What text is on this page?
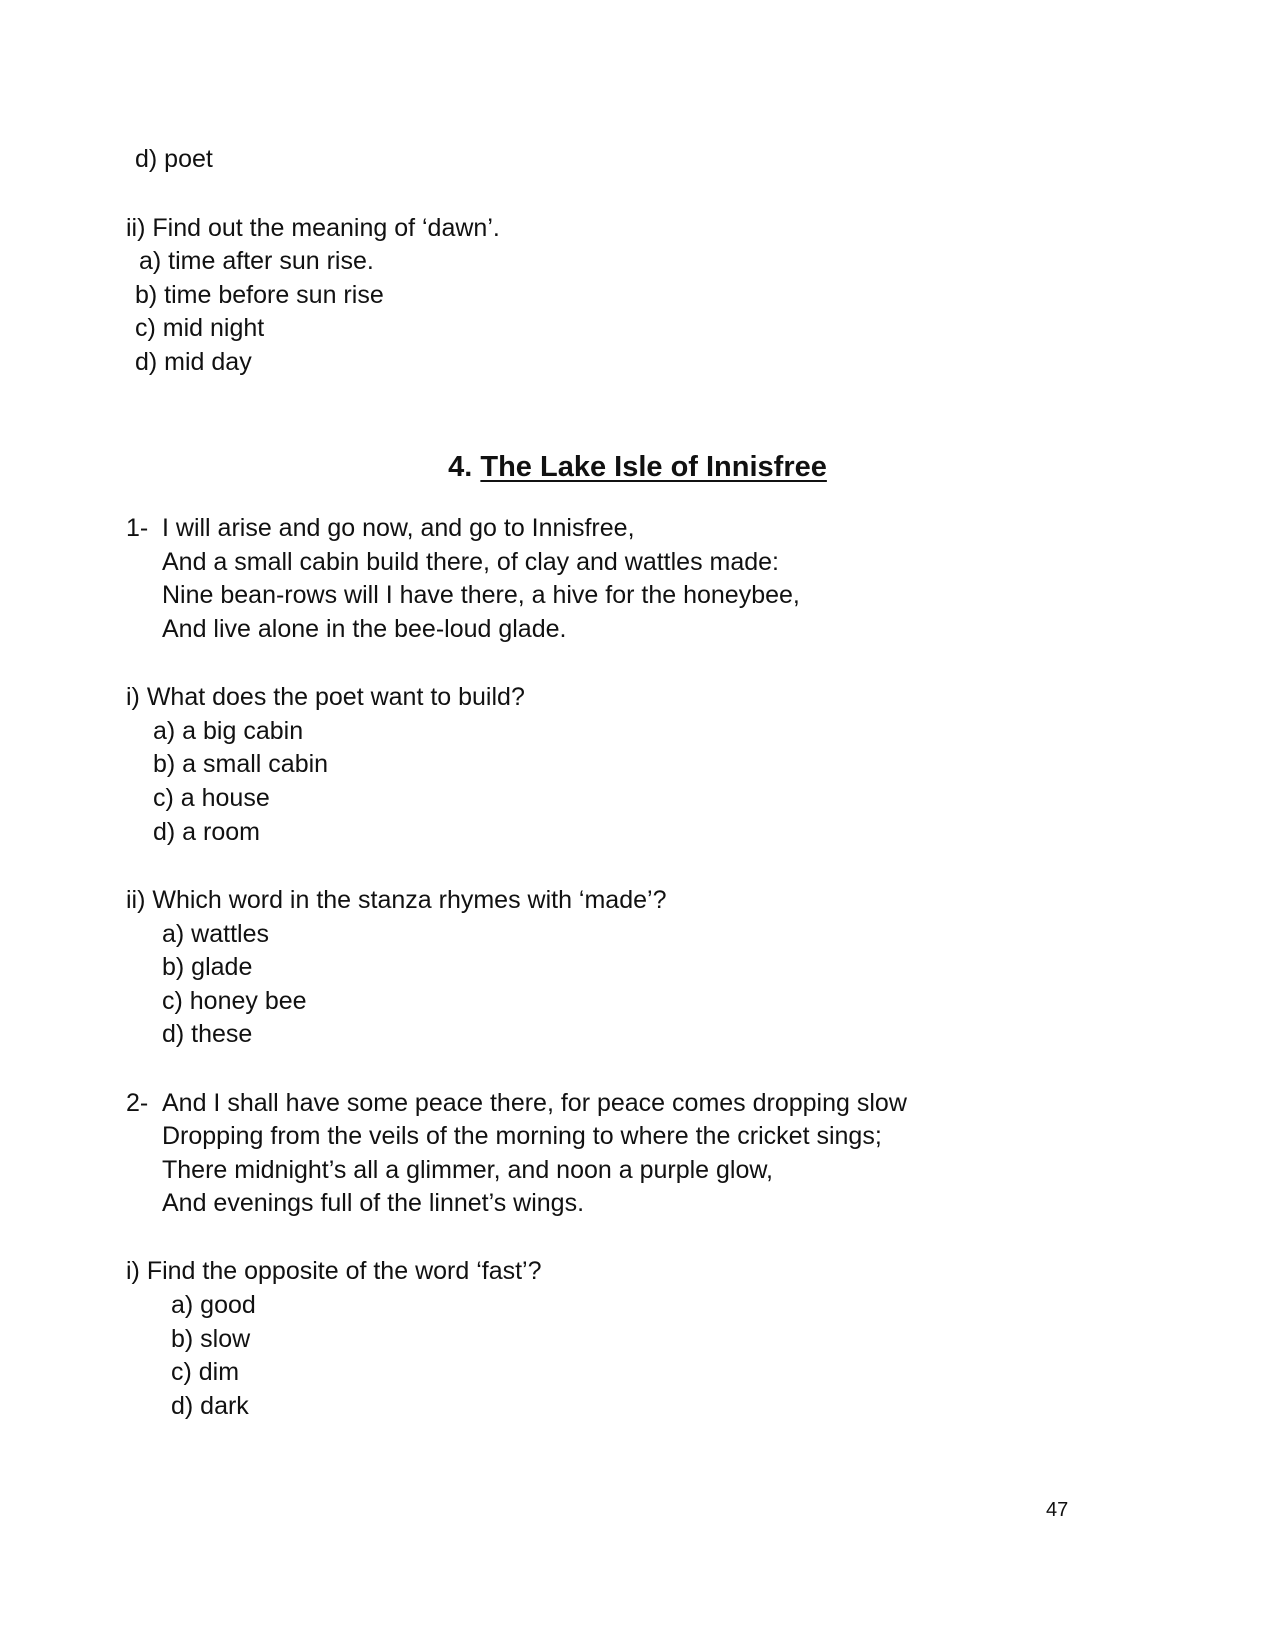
d) poet
ii) Find out the meaning of ‘dawn’.
a) time after sun rise.
b) time before sun rise
c) mid night
d) mid day
4. The Lake Isle of Innisfree
1- I will arise and go now, and go to Innisfree,
And a small cabin build there, of clay and wattles made:
Nine bean-rows will I have there, a hive for the honeybee,
And live alone in the bee-loud glade.
i) What does the poet want to build?
a) a big cabin
b) a small cabin
c) a house
d) a room
ii) Which word in the stanza rhymes with ‘made’?
a) wattles
b) glade
c) honey bee
d) these
2- And I shall have some peace there, for peace comes dropping slow
Dropping from the veils of the morning to where the cricket sings;
There midnight’s all a glimmer, and noon a purple glow,
And evenings full of the linnet’s wings.
i) Find the opposite of the word ‘fast’?
a) good
b) slow
c) dim
d) dark
47
